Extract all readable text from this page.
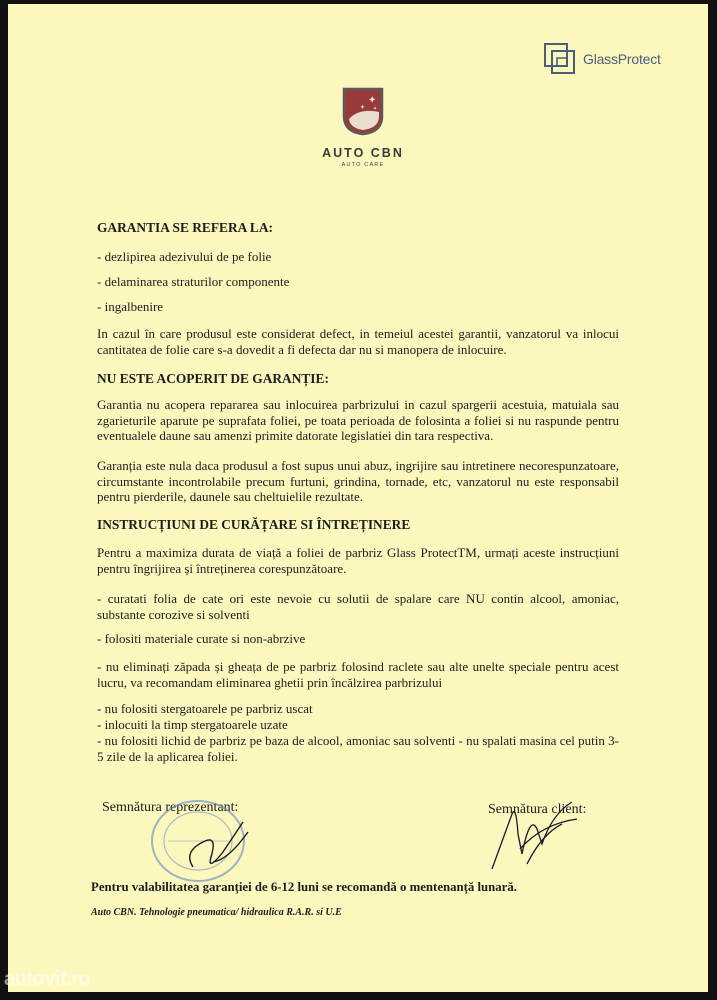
GlassProtect
✦
✦ ✦
AUTO CBN
AUTO CARE
GARANTIA SE REFERA LA:
- dezlipirea adezivului de pe folie
- delaminarea straturilor componente
- ingalbenire
In cazul în care produsul este considerat defect, in temeiul acestei garantii, vanzatorul va inlocui cantitatea de folie care s-a dovedit a fi defecta dar nu si manopera de inlocuire.
NU ESTE ACOPERIT DE GARANȚIE:
Garantia nu acopera repararea sau inlocuirea parbrizului in cazul spargerii acestuia, matuiala sau zgarieturile aparute pe suprafata foliei, pe toata perioada de folosinta a foliei si nu raspunde pentru eventualele daune sau amenzi primite datorate legislatiei din tara respectiva.
Garanția este nula daca produsul a fost supus unui abuz, ingrijire sau intretinere necorespunzatoare, circumstante incontrolabile precum furtuni, grindina, tornade, etc, vanzatorul nu este responsabil pentru pierderile, daunele sau cheltuielile rezultate.
INSTRUCȚIUNI DE CURĂȚARE SI ÎNTREȚINERE
Pentru a maximiza durata de viață a foliei de parbriz Glass ProtectTM, urmați aceste instrucțiuni pentru îngrijirea și întreținerea corespunzătoare.
- curatati folia de cate ori este nevoie cu solutii de spalare care NU contin alcool, amoniac, substante corozive si solventi
- folositi materiale curate si non-abrzive
- nu eliminați zăpada și gheața de pe parbriz folosind raclete sau alte unelte speciale pentru acest lucru, va recomandam eliminarea ghetii prin încălzirea parbrizului
- nu folositi stergatoarele pe parbriz uscat
- inlocuiti la timp stergatoarele uzate
- nu folositi lichid de parbriz pe baza de alcool, amoniac sau solventi - nu spalati masina cel putin 3-5 zile de la aplicarea foliei.
Semnătura reprezentant:	Semnătura client:
Pentru valabilitatea garanției de 6-12 luni se recomandă o mentenanță lunară.
Auto CBN. Tehnologie pneumatica/ hidraulica R.A.R. si U.E
autovit.ro
